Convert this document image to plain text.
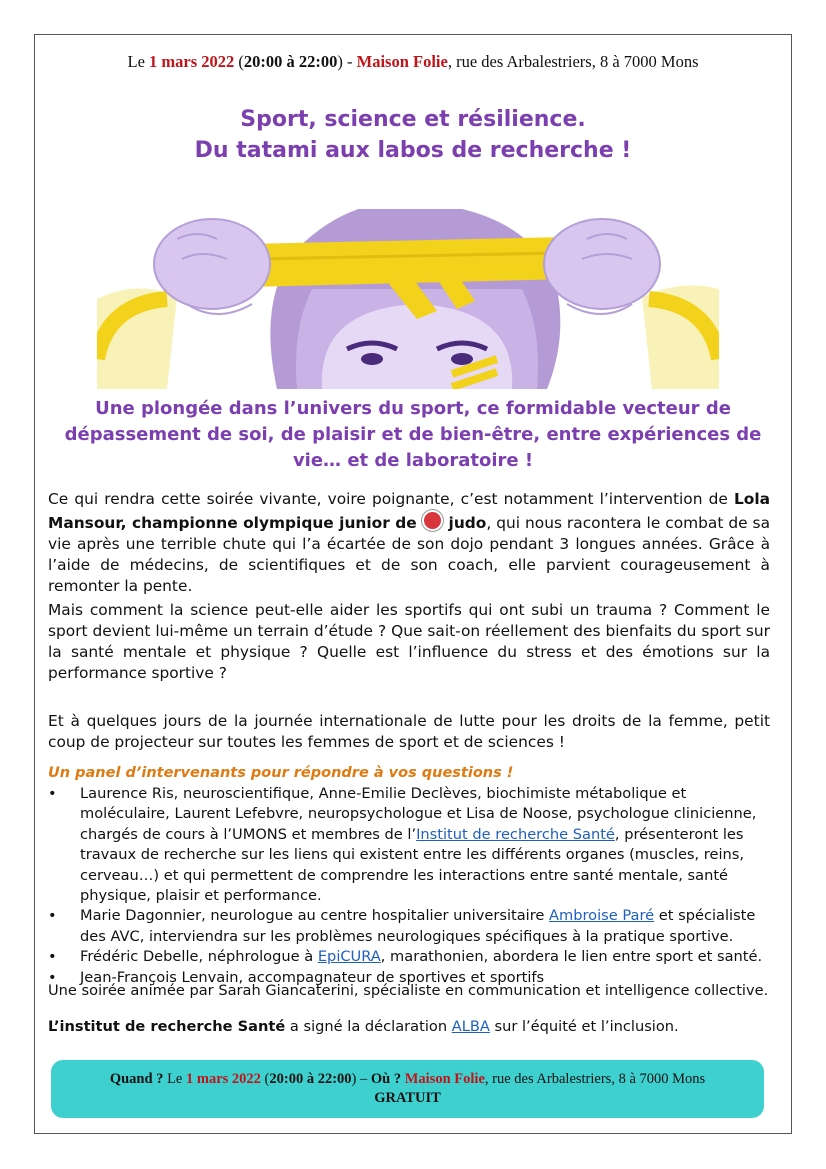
Le 1 mars 2022 (20:00 à 22:00) - Maison Folie, rue des Arbalestriers, 8 à 7000 Mons
Sport, science et résilience.
Du tatami aux labos de recherche !
Une plongée dans l’univers du sport, ce formidable vecteur de dépassement de soi, de plaisir et de bien-être, entre expériences de vie… et de laboratoire !

Ce qui rendra cette soirée vivante, voire poignante, c’est notamment l’intervention de Lola Mansour, championne olympique junior de  judo, qui nous racontera le combat de sa vie après une terrible chute qui l’a écartée de son dojo pendant 3 longues années. Grâce à l’aide de médecins, de scientifiques et de son coach, elle parvient courageusement à remonter la pente.

Mais comment la science peut-elle aider les sportifs qui ont subi un trauma ? Comment le sport devient lui-même un terrain d’étude ? Que sait-on réellement des bienfaits du sport sur la santé mentale et physique ? Quelle est l’influence du stress et des émotions sur la performance sportive ?

Et à quelques jours de la journée internationale de lutte pour les droits de la femme, petit coup de projecteur sur toutes les femmes de sport et de sciences !

Un panel d’intervenants pour répondre à vos questions !
• Laurence Ris, neuroscientifique, Anne-Emilie Declèves, biochimiste métabolique et moléculaire, Laurent Lefebvre, neuropsychologue et Lisa de Noose, psychologue clinicienne, chargés de cours à l’UMONS et membres de l’Institut de recherche Santé, présenteront les travaux de recherche sur les liens qui existent entre les différents organes (muscles, reins, cerveau…) et qui permettent de comprendre les interactions entre santé mentale, santé physique, plaisir et performance.
• Marie Dagonnier, neurologue au centre hospitalier universitaire Ambroise Paré et spécialiste des AVC, interviendra sur les problèmes neurologiques spécifiques à la pratique sportive.
• Frédéric Debelle, néphrologue à EpiCURA, marathonien, abordera le lien entre sport et santé.
• Jean-François Lenvain, accompagnateur de sportives et sportifs

Une soirée animée par Sarah Giancaterini, spécialiste en communication et intelligence collective.

L’institut de recherche Santé a signé la déclaration ALBA sur l’équité et l’inclusion.

Quand ? Le 1 mars 2022 (20:00 à 22:00) – Où ? Maison Folie, rue des Arbalestriers, 8 à 7000 Mons
GRATUIT
